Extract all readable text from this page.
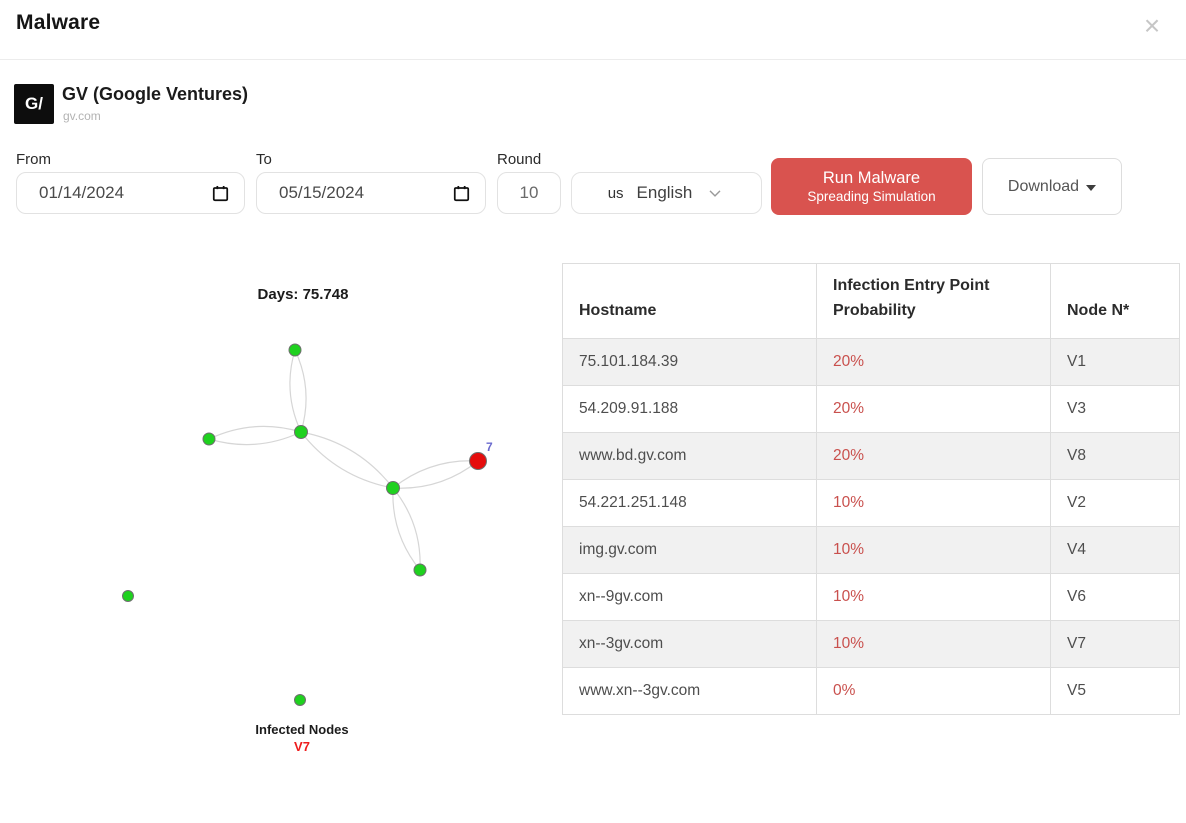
Malware	×
G/	GV (Google Ventures)
gv.com
From	To	Round
01/14/2024	05/15/2024
10	us English
Run Malware
Spreading Simulation
Download
Days: 75.748
7
Infected Nodes
V7
Hostname	Infection Entry Point Probability	Node N*
75.101.184.39	20%	V1
54.209.91.188	20%	V3
www.bd.gv.com	20%	V8
54.221.251.148	10%	V2
img.gv.com	10%	V4
xn--9gv.com	10%	V6
xn--3gv.com	10%	V7
www.xn--3gv.com	0%	V5
